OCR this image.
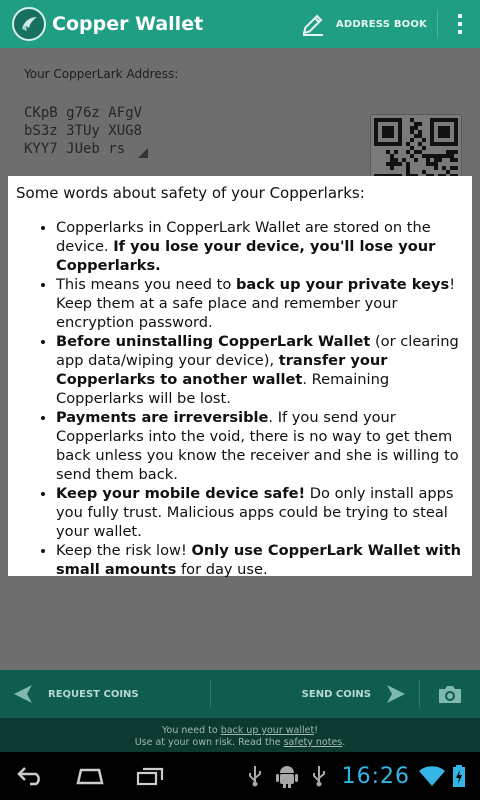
Copper Wallet	ADDRESS BOOK
Your CopperLark Address:
CKpB g76z AFgV
bS3z 3TUy XUG8
KYY7 JUeb rs
Some words about safety of your Copperlarks:
• Copperlarks in CopperLark Wallet are stored on the device. If you lose your device, you'll lose your Copperlarks.
• This means you need to back up your private keys! Keep them at a safe place and remember your encryption password.
• Before uninstalling CopperLark Wallet (or clearing app data/wiping your device), transfer your Copperlarks to another wallet. Remaining Copperlarks will be lost.
• Payments are irreversible. If you send your Copperlarks into the void, there is no way to get them back unless you know the receiver and she is willing to send them back.
• Keep your mobile device safe! Do only install apps you fully trust. Malicious apps could be trying to steal your wallet.
• Keep the risk low! Only use CopperLark Wallet with small amounts for day use.
REQUEST COINS	SEND COINS
You need to back up your wallet!
Use at your own risk. Read the safety notes.
16:26
